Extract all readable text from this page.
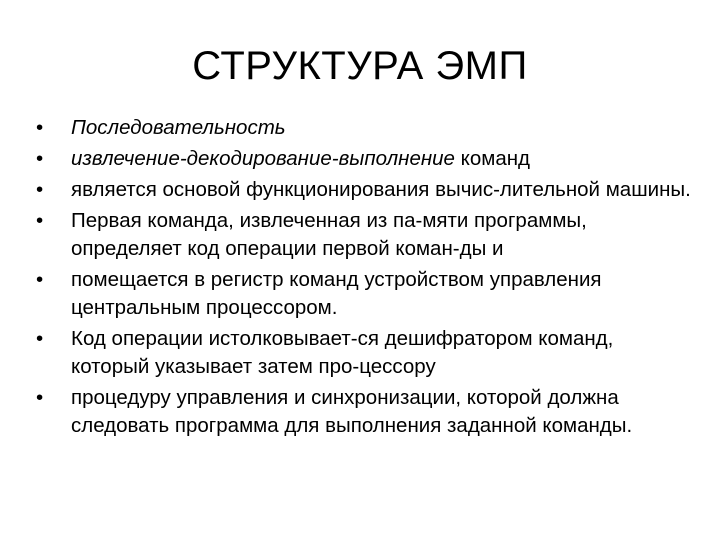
СТРУКТУРА ЭМП
•	Последовательность
•	извлечение-декодирование-выполнение команд
•	является основой функционирования вычис-лительной машины.
•	Первая команда, извлеченная из па-мяти программы, определяет код операции первой коман-ды и
•	помещается в регистр команд устройством управления центральным процессором.
•	Код операции истолковывает-ся дешифратором команд, который указывает затем про-цессору
•	процедуру управления и синхронизации, которой должна следовать программа для выполнения заданной команды.
